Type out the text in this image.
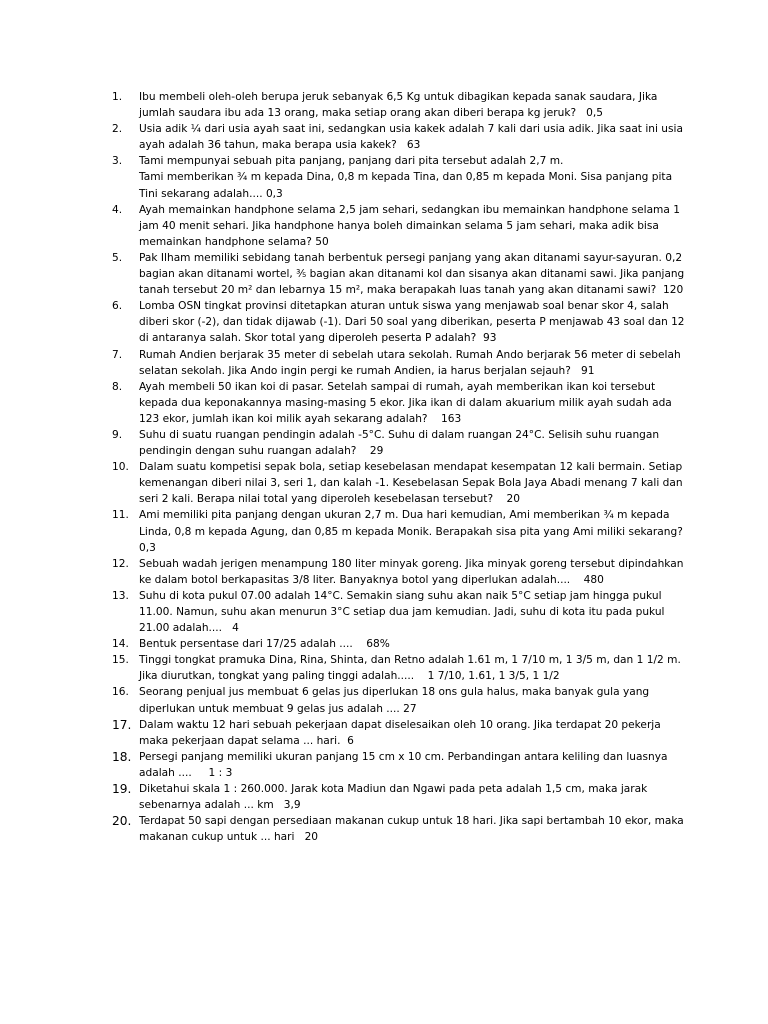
1.	Ibu membeli oleh-oleh berupa jeruk sebanyak 6,5 Kg untuk dibagikan kepada sanak saudara, Jika
jumlah saudara ibu ada 13 orang, maka setiap orang akan diberi berapa kg jeruk?   0,5
2.	Usia adik ¼ dari usia ayah saat ini, sedangkan usia kakek adalah 7 kali dari usia adik. Jika saat ini usia
ayah adalah 36 tahun, maka berapa usia kakek?   63
3.	Tami mempunyai sebuah pita panjang, panjang dari pita tersebut adalah 2,7 m.
Tami memberikan ¾ m kepada Dina, 0,8 m kepada Tina, dan 0,85 m kepada Moni. Sisa panjang pita
Tini sekarang adalah.... 0,3
4.	Ayah memainkan handphone selama 2,5 jam sehari, sedangkan ibu memainkan handphone selama 1
jam 40 menit sehari. Jika handphone hanya boleh dimainkan selama 5 jam sehari, maka adik bisa
memainkan handphone selama? 50
5.	Pak Ilham memiliki sebidang tanah berbentuk persegi panjang yang akan ditanami sayur-sayuran. 0,2
bagian akan ditanami wortel, ⅗ bagian akan ditanami kol dan sisanya akan ditanami sawi. Jika panjang
tanah tersebut 20 m² dan lebarnya 15 m², maka berapakah luas tanah yang akan ditanami sawi?  120
6.	Lomba OSN tingkat provinsi ditetapkan aturan untuk siswa yang menjawab soal benar skor 4, salah
diberi skor (-2), dan tidak dijawab (-1). Dari 50 soal yang diberikan, peserta P menjawab 43 soal dan 12
di antaranya salah. Skor total yang diperoleh peserta P adalah?  93
7.	Rumah Andien berjarak 35 meter di sebelah utara sekolah. Rumah Ando berjarak 56 meter di sebelah
selatan sekolah. Jika Ando ingin pergi ke rumah Andien, ia harus berjalan sejauh?   91
8.	Ayah membeli 50 ikan koi di pasar. Setelah sampai di rumah, ayah memberikan ikan koi tersebut
kepada dua keponakannya masing-masing 5 ekor. Jika ikan di dalam akuarium milik ayah sudah ada
123 ekor, jumlah ikan koi milik ayah sekarang adalah?    163
9.	Suhu di suatu ruangan pendingin adalah -5°C. Suhu di dalam ruangan 24°C. Selisih suhu ruangan
pendingin dengan suhu ruangan adalah?    29
10. Dalam suatu kompetisi sepak bola, setiap kesebelasan mendapat kesempatan 12 kali bermain. Setiap
kemenangan diberi nilai 3, seri 1, dan kalah -1. Kesebelasan Sepak Bola Jaya Abadi menang 7 kali dan
seri 2 kali. Berapa nilai total yang diperoleh kesebelasan tersebut?    20
11. Ami memiliki pita panjang dengan ukuran 2,7 m. Dua hari kemudian, Ami memberikan ¾ m kepada
Linda, 0,8 m kepada Agung, dan 0,85 m kepada Monik. Berapakah sisa pita yang Ami miliki sekarang?
0,3
12. Sebuah wadah jerigen menampung 180 liter minyak goreng. Jika minyak goreng tersebut dipindahkan
ke dalam botol berkapasitas 3/8 liter. Banyaknya botol yang diperlukan adalah....    480
13. Suhu di kota pukul 07.00 adalah 14°C. Semakin siang suhu akan naik 5°C setiap jam hingga pukul
11.00. Namun, suhu akan menurun 3°C setiap dua jam kemudian. Jadi, suhu di kota itu pada pukul
21.00 adalah....   4
14. Bentuk persentase dari 17/25 adalah ....    68%
15. Tinggi tongkat pramuka Dina, Rina, Shinta, dan Retno adalah 1.61 m, 1 7/10 m, 1 3/5 m, dan 1 1/2 m.
Jika diurutkan, tongkat yang paling tinggi adalah.....    1 7/10, 1.61, 1 3/5, 1 1/2
16. Seorang penjual jus membuat 6 gelas jus diperlukan 18 ons gula halus, maka banyak gula yang
diperlukan untuk membuat 9 gelas jus adalah .... 27
17. Dalam waktu 12 hari sebuah pekerjaan dapat diselesaikan oleh 10 orang. Jika terdapat 20 pekerja
maka pekerjaan dapat selama ... hari.  6
18. Persegi panjang memiliki ukuran panjang 15 cm x 10 cm. Perbandingan antara keliling dan luasnya
adalah ....     1 : 3
19. Diketahui skala 1 : 260.000. Jarak kota Madiun dan Ngawi pada peta adalah 1,5 cm, maka jarak
sebenarnya adalah ... km   3,9
20. Terdapat 50 sapi dengan persediaan makanan cukup untuk 18 hari. Jika sapi bertambah 10 ekor, maka
makanan cukup untuk ... hari   20
